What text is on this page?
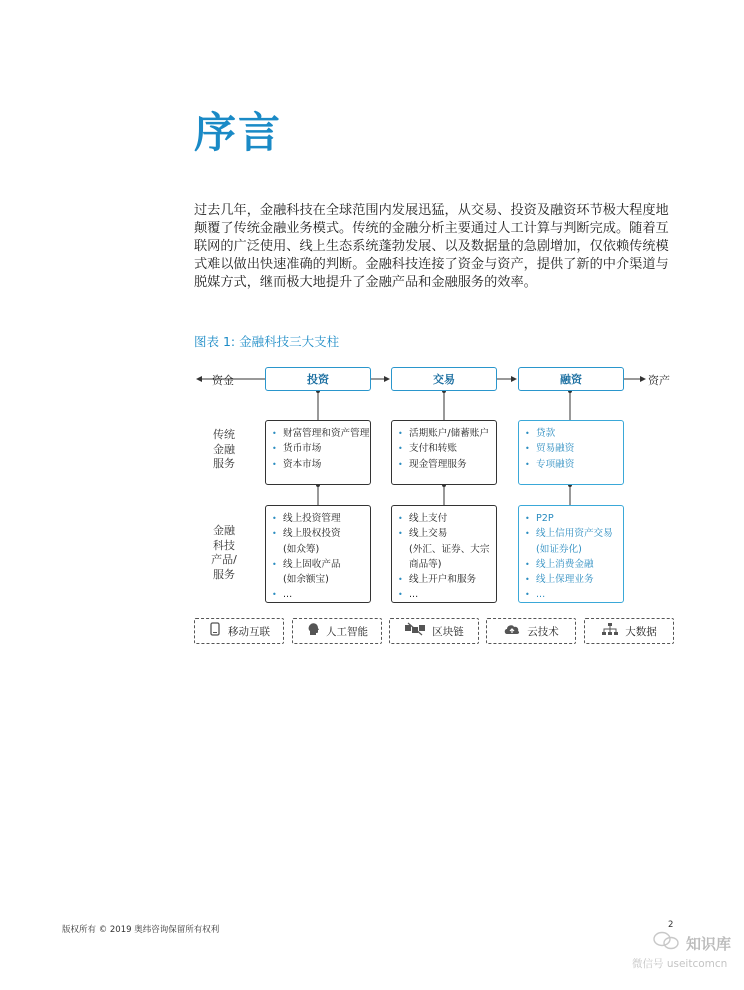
序言

过去几年，金融科技在全球范围内发展迅猛，从交易、投资及融资环节极大程度地颠覆了传统金融业务模式。传统的金融分析主要通过人工计算与判断完成。随着互联网的广泛使用、线上生态系统蓬勃发展、以及数据量的急剧增加，仅依赖传统模式难以做出快速准确的判断。金融科技连接了资金与资产，提供了新的中介渠道与脱媒方式，继而极大地提升了金融产品和金融服务的效率。

图表 1: 金融科技三大支柱
资金	资产
投资	交易	融资
传统
金融
服务
金融
科技
产品/
服务
• 财富管理和资产管理
• 货币市场
• 资本市场
• 活期账户/储蓄账户
• 支付和转账
• 现金管理服务
• 贷款
• 贸易融资
• 专项融资
• 线上投资管理
• 线上股权投资
(如众筹)
• 线上固收产品
(如余额宝)
• ...
• 线上支付
• 线上交易
(外汇、证券、大宗
商品等)
• 线上开户和服务
• ...
• P2P
• 线上信用资产交易
(如证券化)
• 线上消费金融
• 线上保理业务
• ...
移动互联	人工智能	区块链	云技术	大数据
版权所有 © 2019 奥纬咨询保留所有权利	2
知识库
微信号 useitcomcn
